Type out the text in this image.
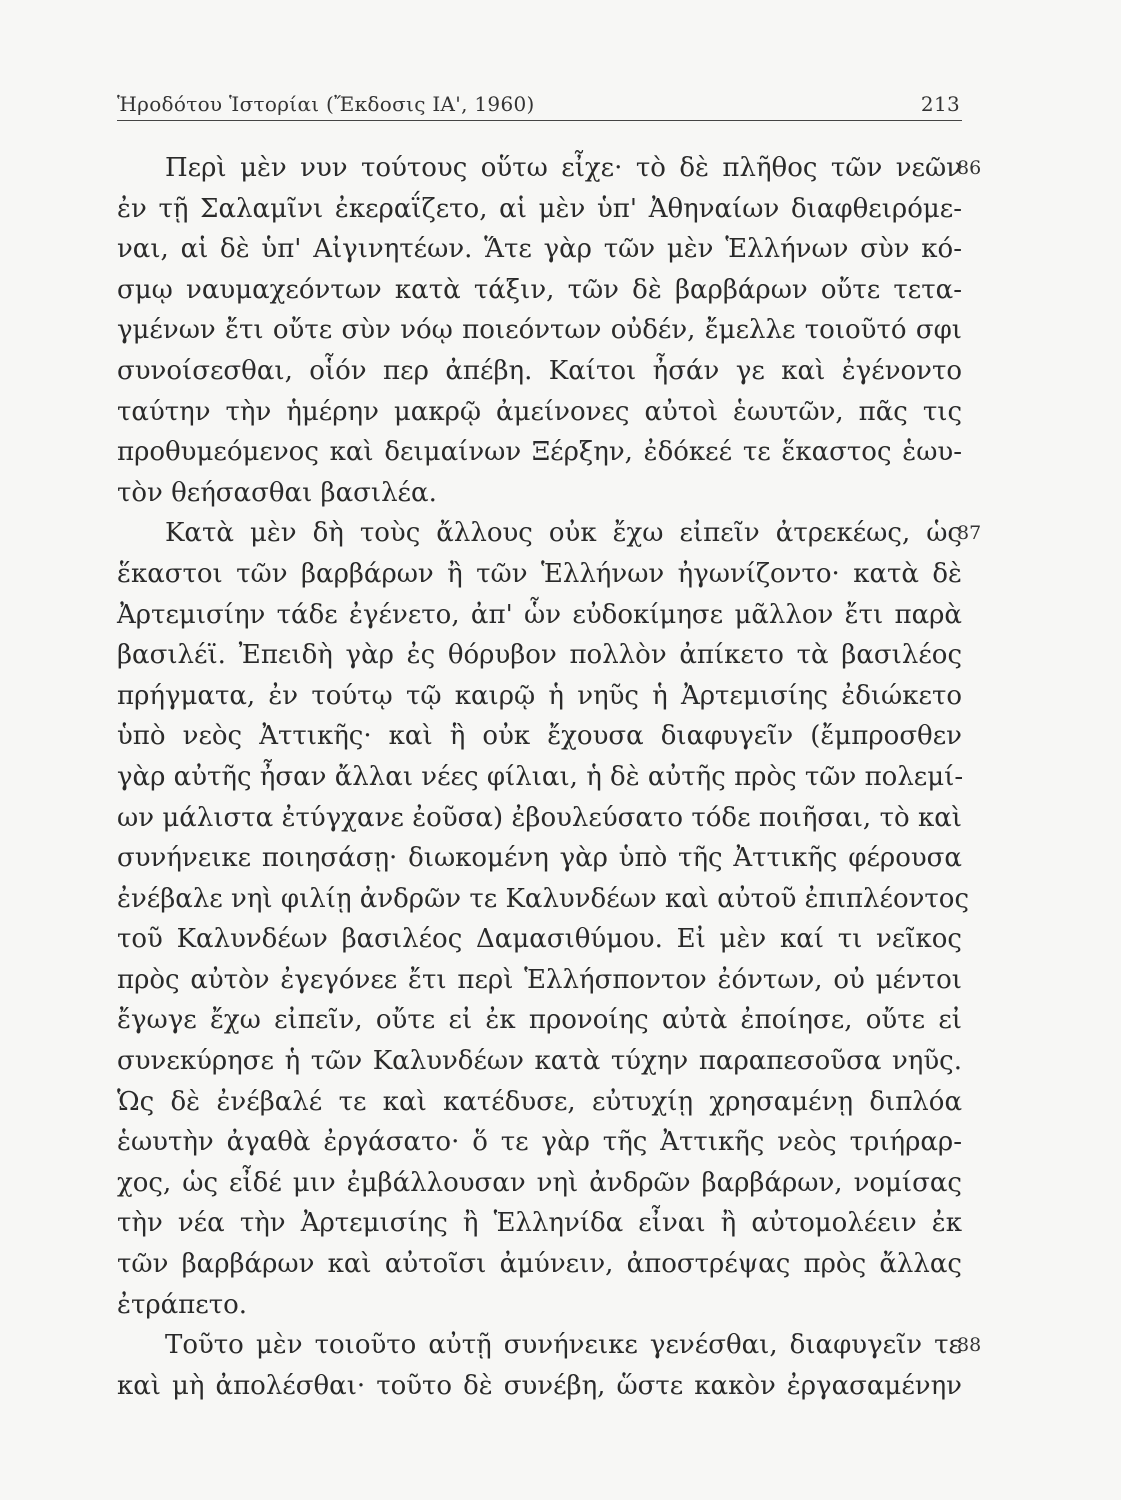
Ἡροδότου Ἱστορίαι (Ἔκδοσις ΙΑ', 1960)	213
Περὶ μὲν νυν τούτους οὕτω εἶχε· τὸ δὲ πλῆθος τῶν νεῶν
86
ἐν τῇ Σαλαμῖνι ἐκεραΐζετο, αἱ μὲν ὑπ' Ἀθηναίων διαφθειρόμε-
ναι, αἱ δὲ ὑπ' Αἰγινητέων. Ἅτε γὰρ τῶν μὲν Ἑλλήνων σὺν κό-
σμῳ ναυμαχεόντων κατὰ τάξιν, τῶν δὲ βαρβάρων οὔτε τετα-
γμένων ἔτι οὔτε σὺν νόῳ ποιεόντων οὐδέν, ἔμελλε τοιοῦτό σφι
συνοίσεσθαι, οἷόν περ ἀπέβη. Καίτοι ἦσάν γε καὶ ἐγένοντο
ταύτην τὴν ἡμέρην μακρῷ ἀμείνονες αὐτοὶ ἑωυτῶν, πᾶς τις
προθυμεόμενος καὶ δειμαίνων Ξέρξην, ἐδόκεέ τε ἕκαστος ἑωυ-
τὸν θεήσασθαι βασιλέα.
Κατὰ μὲν δὴ τοὺς ἄλλους οὐκ ἔχω εἰπεῖν ἀτρεκέως, ὡς
87
ἕκαστοι τῶν βαρβάρων ἢ τῶν Ἑλλήνων ἠγωνίζοντο· κατὰ δὲ
Ἀρτεμισίην τάδε ἐγένετο, ἀπ' ὧν εὐδοκίμησε μᾶλλον ἔτι παρὰ
βασιλέϊ. Ἐπειδὴ γὰρ ἐς θόρυβον πολλὸν ἀπίκετο τὰ βασιλέος
πρήγματα, ἐν τούτῳ τῷ καιρῷ ἡ νηῦς ἡ Ἀρτεμισίης ἐδιώκετο
ὑπὸ νεὸς Ἀττικῆς· καὶ ἣ οὐκ ἔχουσα διαφυγεῖν (ἔμπροσθεν
γὰρ αὐτῆς ἦσαν ἄλλαι νέες φίλιαι, ἡ δὲ αὐτῆς πρὸς τῶν πολεμί-
ων μάλιστα ἐτύγχανε ἐοῦσα) ἐβουλεύσατο τόδε ποιῆσαι, τὸ καὶ
συνήνεικε ποιησάσῃ· διωκομένη γὰρ ὑπὸ τῆς Ἀττικῆς φέρουσα
ἐνέβαλε νηὶ φιλίῃ ἀνδρῶν τε Καλυνδέων καὶ αὐτοῦ ἐπιπλέοντος
τοῦ Καλυνδέων βασιλέος Δαμασιθύμου. Εἰ μὲν καί τι νεῖκος
πρὸς αὐτὸν ἐγεγόνεε ἔτι περὶ Ἑλλήσποντον ἐόντων, οὐ μέντοι
ἔγωγε ἔχω εἰπεῖν, οὔτε εἰ ἐκ προνοίης αὐτὰ ἐποίησε, οὔτε εἰ
συνεκύρησε ἡ τῶν Καλυνδέων κατὰ τύχην παραπεσοῦσα νηῦς.
Ὡς δὲ ἐνέβαλέ τε καὶ κατέδυσε, εὐτυχίῃ χρησαμένῃ διπλόα
ἑωυτὴν ἀγαθὰ ἐργάσατο· ὅ τε γὰρ τῆς Ἀττικῆς νεὸς τριήραρ-
χος, ὡς εἶδέ μιν ἐμβάλλουσαν νηὶ ἀνδρῶν βαρβάρων, νομίσας
τὴν νέα τὴν Ἀρτεμισίης ἢ Ἑλληνίδα εἶναι ἢ αὐτομολέειν ἐκ
τῶν βαρβάρων καὶ αὐτοῖσι ἀμύνειν, ἀποστρέψας πρὸς ἄλλας
ἐτράπετο.
Τοῦτο μὲν τοιοῦτο αὐτῇ συνήνεικε γενέσθαι, διαφυγεῖν τε
88
καὶ μὴ ἀπολέσθαι· τοῦτο δὲ συνέβη, ὥστε κακὸν ἐργασαμένην
